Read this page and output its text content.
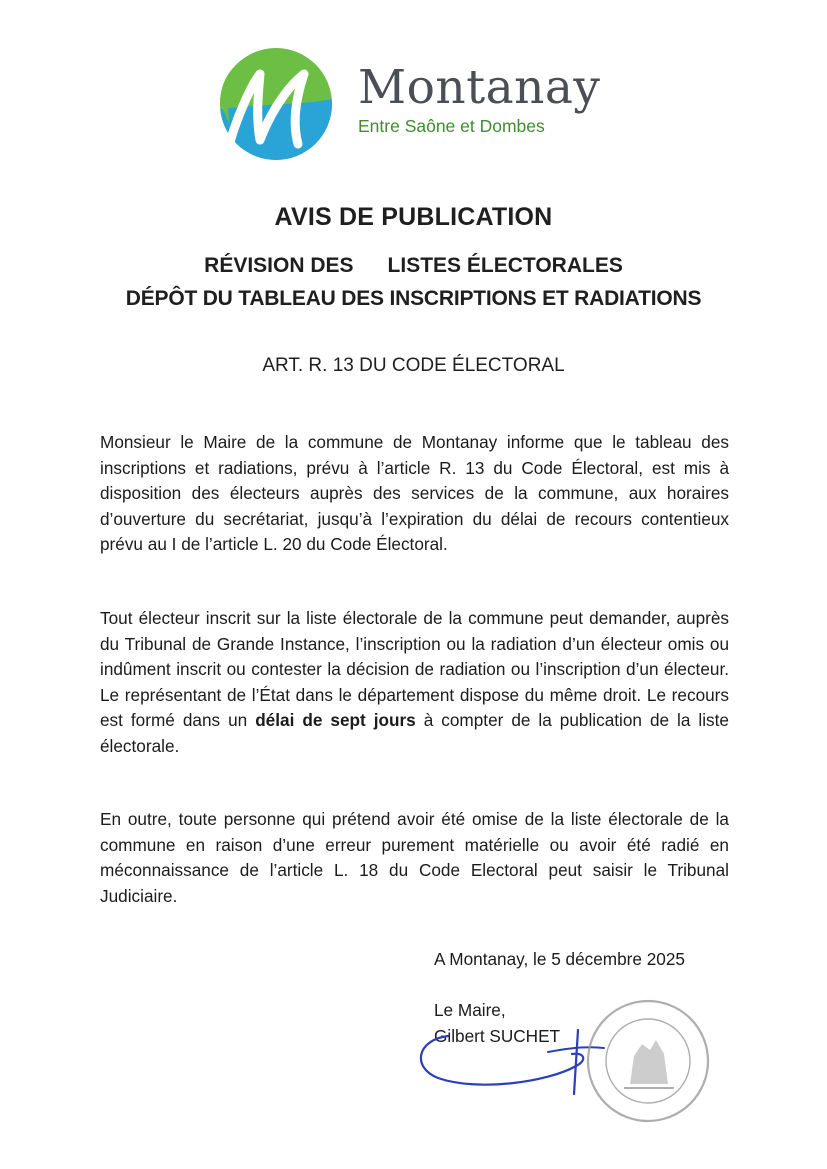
Montanay
Entre Saône et Dombes
AVIS DE PUBLICATION
RÉVISION DES LISTES ÉLECTORALES
DÉPÔT DU TABLEAU DES INSCRIPTIONS ET RADIATIONS
ART. R. 13 DU CODE ÉLECTORAL
Monsieur le Maire de la commune de Montanay informe que le tableau des inscriptions et radiations, prévu à l’article R. 13 du Code Électoral, est mis à disposition des électeurs auprès des services de la commune, aux horaires d’ouverture du secrétariat, jusqu’à l’expiration du délai de recours contentieux prévu au I de l’article L. 20 du Code Électoral.
Tout électeur inscrit sur la liste électorale de la commune peut demander, auprès du Tribunal de Grande Instance, l’inscription ou la radiation d’un électeur omis ou indûment inscrit ou contester la décision de radiation ou l’inscription d’un électeur. Le représentant de l’État dans le département dispose du même droit. Le recours est formé dans un délai de sept jours à compter de la publication de la liste électorale.
En outre, toute personne qui prétend avoir été omise de la liste électorale de la commune en raison d’une erreur purement matérielle ou avoir été radié en méconnaissance de l’article L. 18 du Code Electoral peut saisir le Tribunal Judiciaire.
A Montanay, le 5 décembre 2025
Le Maire,
Gilbert SUCHET
